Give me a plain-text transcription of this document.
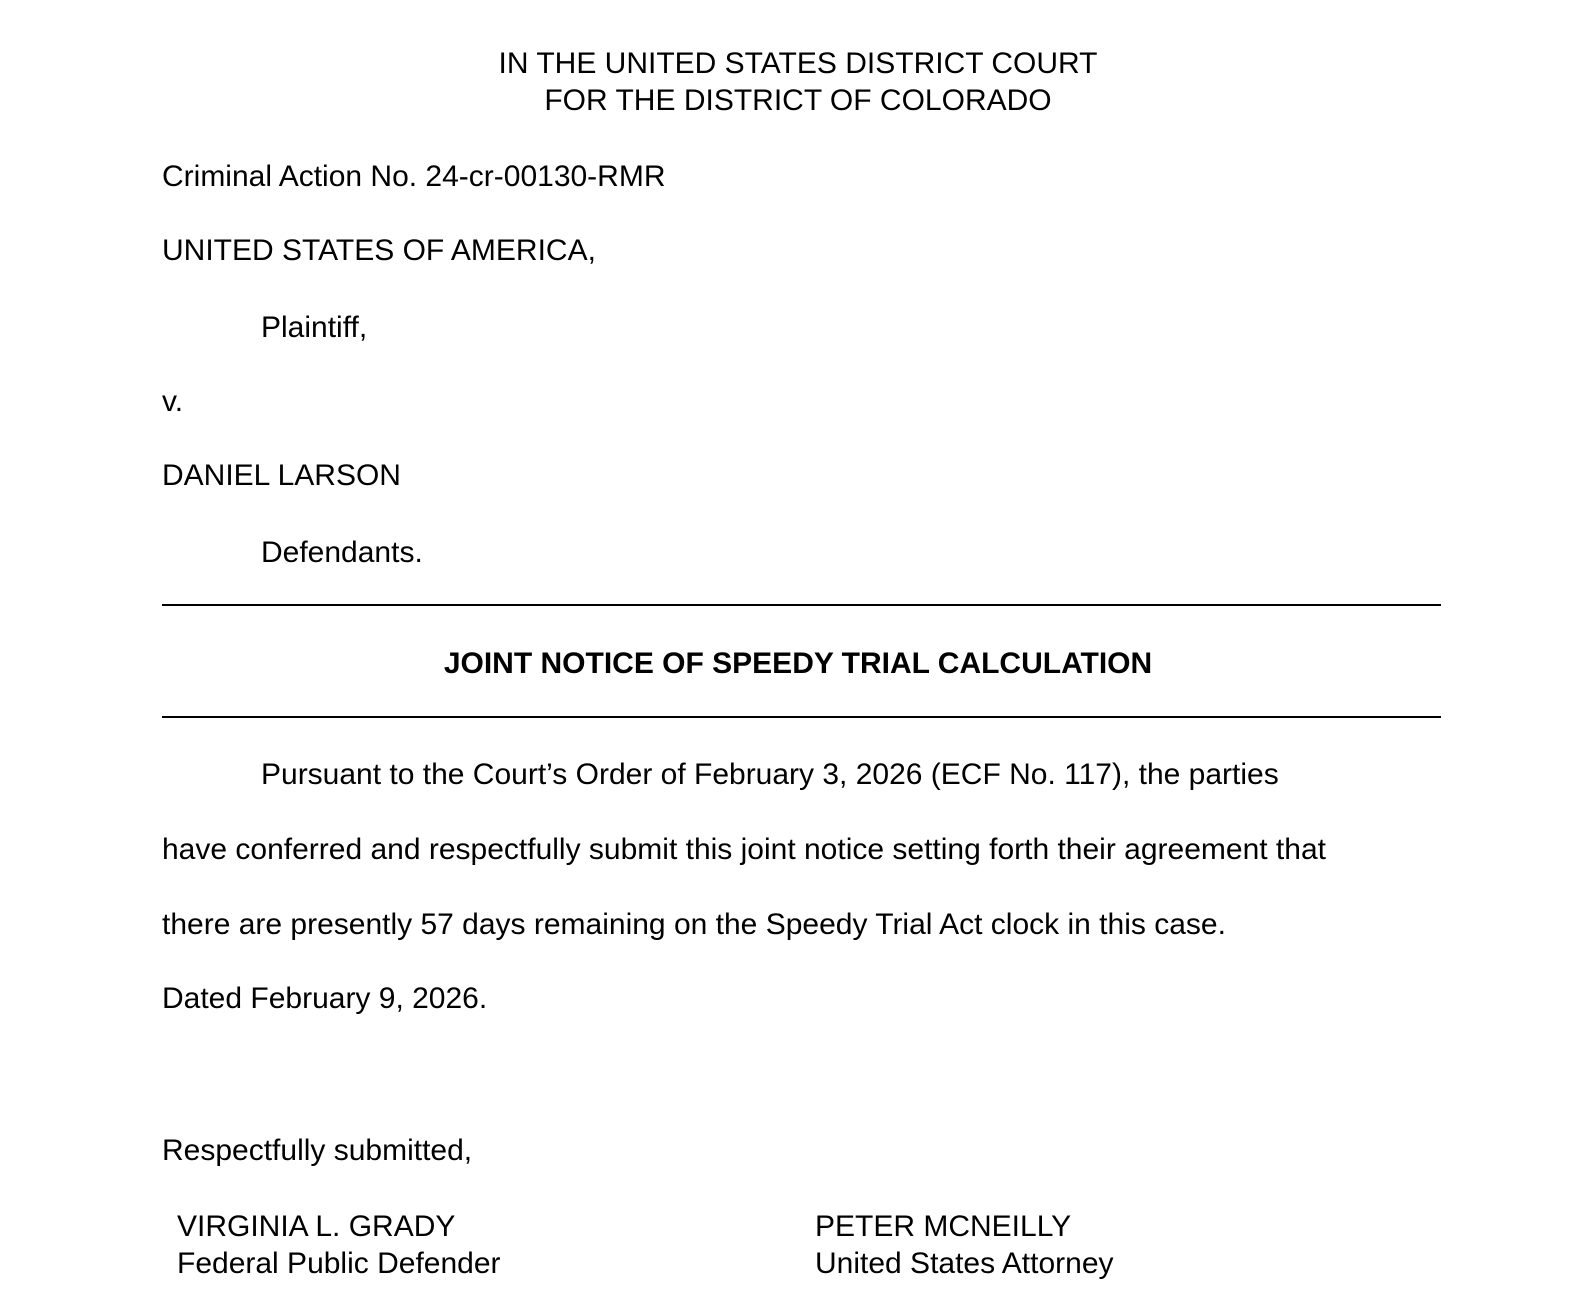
IN THE UNITED STATES DISTRICT COURT
FOR THE DISTRICT OF COLORADO
Criminal Action No. 24-cr-00130-RMR
UNITED STATES OF AMERICA,
Plaintiff,
v.
DANIEL LARSON
Defendants.
JOINT NOTICE OF SPEEDY TRIAL CALCULATION
Pursuant to the Court’s Order of February 3, 2026 (ECF No. 117), the parties
have conferred and respectfully submit this joint notice setting forth their agreement that
there are presently 57 days remaining on the Speedy Trial Act clock in this case.
Dated February 9, 2026.
Respectfully submitted,
VIRGINIA L. GRADY
Federal Public Defender
PETER MCNEILLY
United States Attorney
